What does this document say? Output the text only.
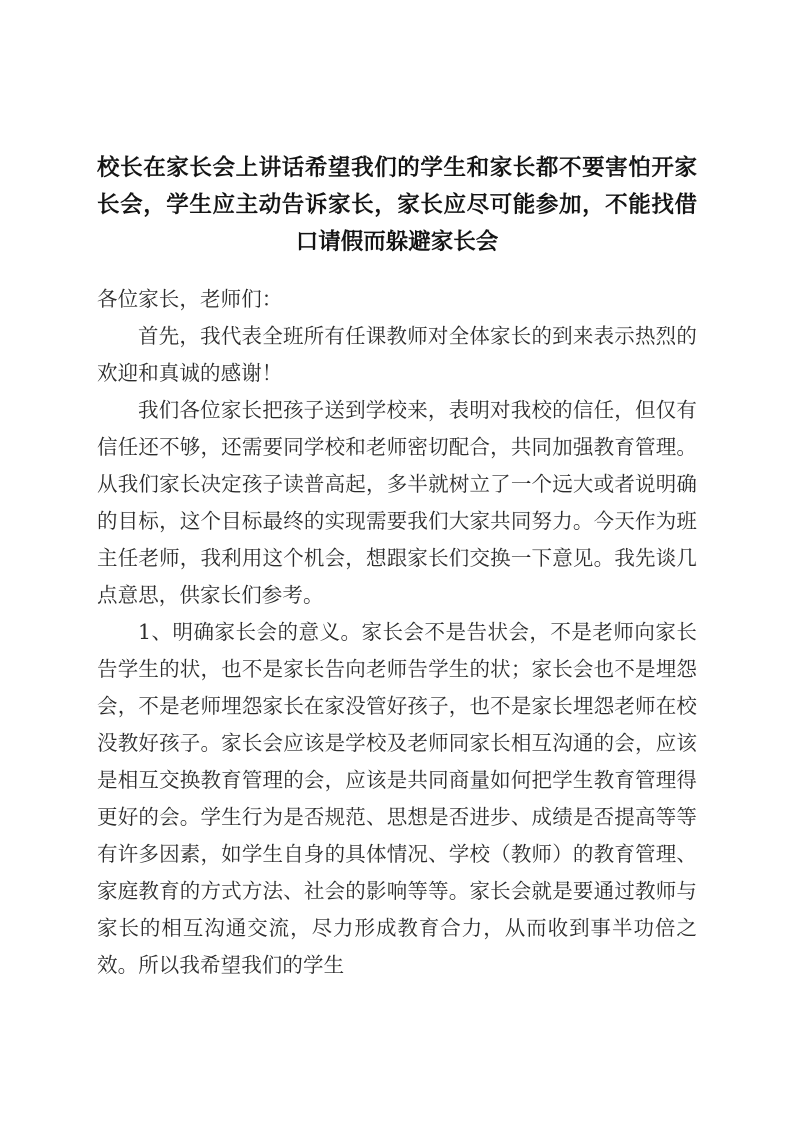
校长在家长会上讲话希望我们的学生和家长都不要害怕开家长会，学生应主动告诉家长，家长应尽可能参加，不能找借口请假而躲避家长会

各位家长，老师们：

首先，我代表全班所有任课教师对全体家长的到来表示热烈的欢迎和真诚的感谢！

我们各位家长把孩子送到学校来，表明对我校的信任，但仅有信任还不够，还需要同学校和老师密切配合，共同加强教育管理。从我们家长决定孩子读普高起，多半就树立了一个远大或者说明确的目标，这个目标最终的实现需要我们大家共同努力。今天作为班主任老师，我利用这个机会，想跟家长们交换一下意见。我先谈几点意思，供家长们参考。

1、明确家长会的意义。家长会不是告状会，不是老师向家长告学生的状，也不是家长告向老师告学生的状；家长会也不是埋怨会，不是老师埋怨家长在家没管好孩子，也不是家长埋怨老师在校没教好孩子。家长会应该是学校及老师同家长相互沟通的会，应该是相互交换教育管理的会，应该是共同商量如何把学生教育管理得更好的会。学生行为是否规范、思想是否进步、成绩是否提高等等有许多因素，如学生自身的具体情况、学校（教师）的教育管理、家庭教育的方式方法、社会的影响等等。家长会就是要通过教师与家长的相互沟通交流，尽力形成教育合力，从而收到事半功倍之效。所以我希望我们的学生
